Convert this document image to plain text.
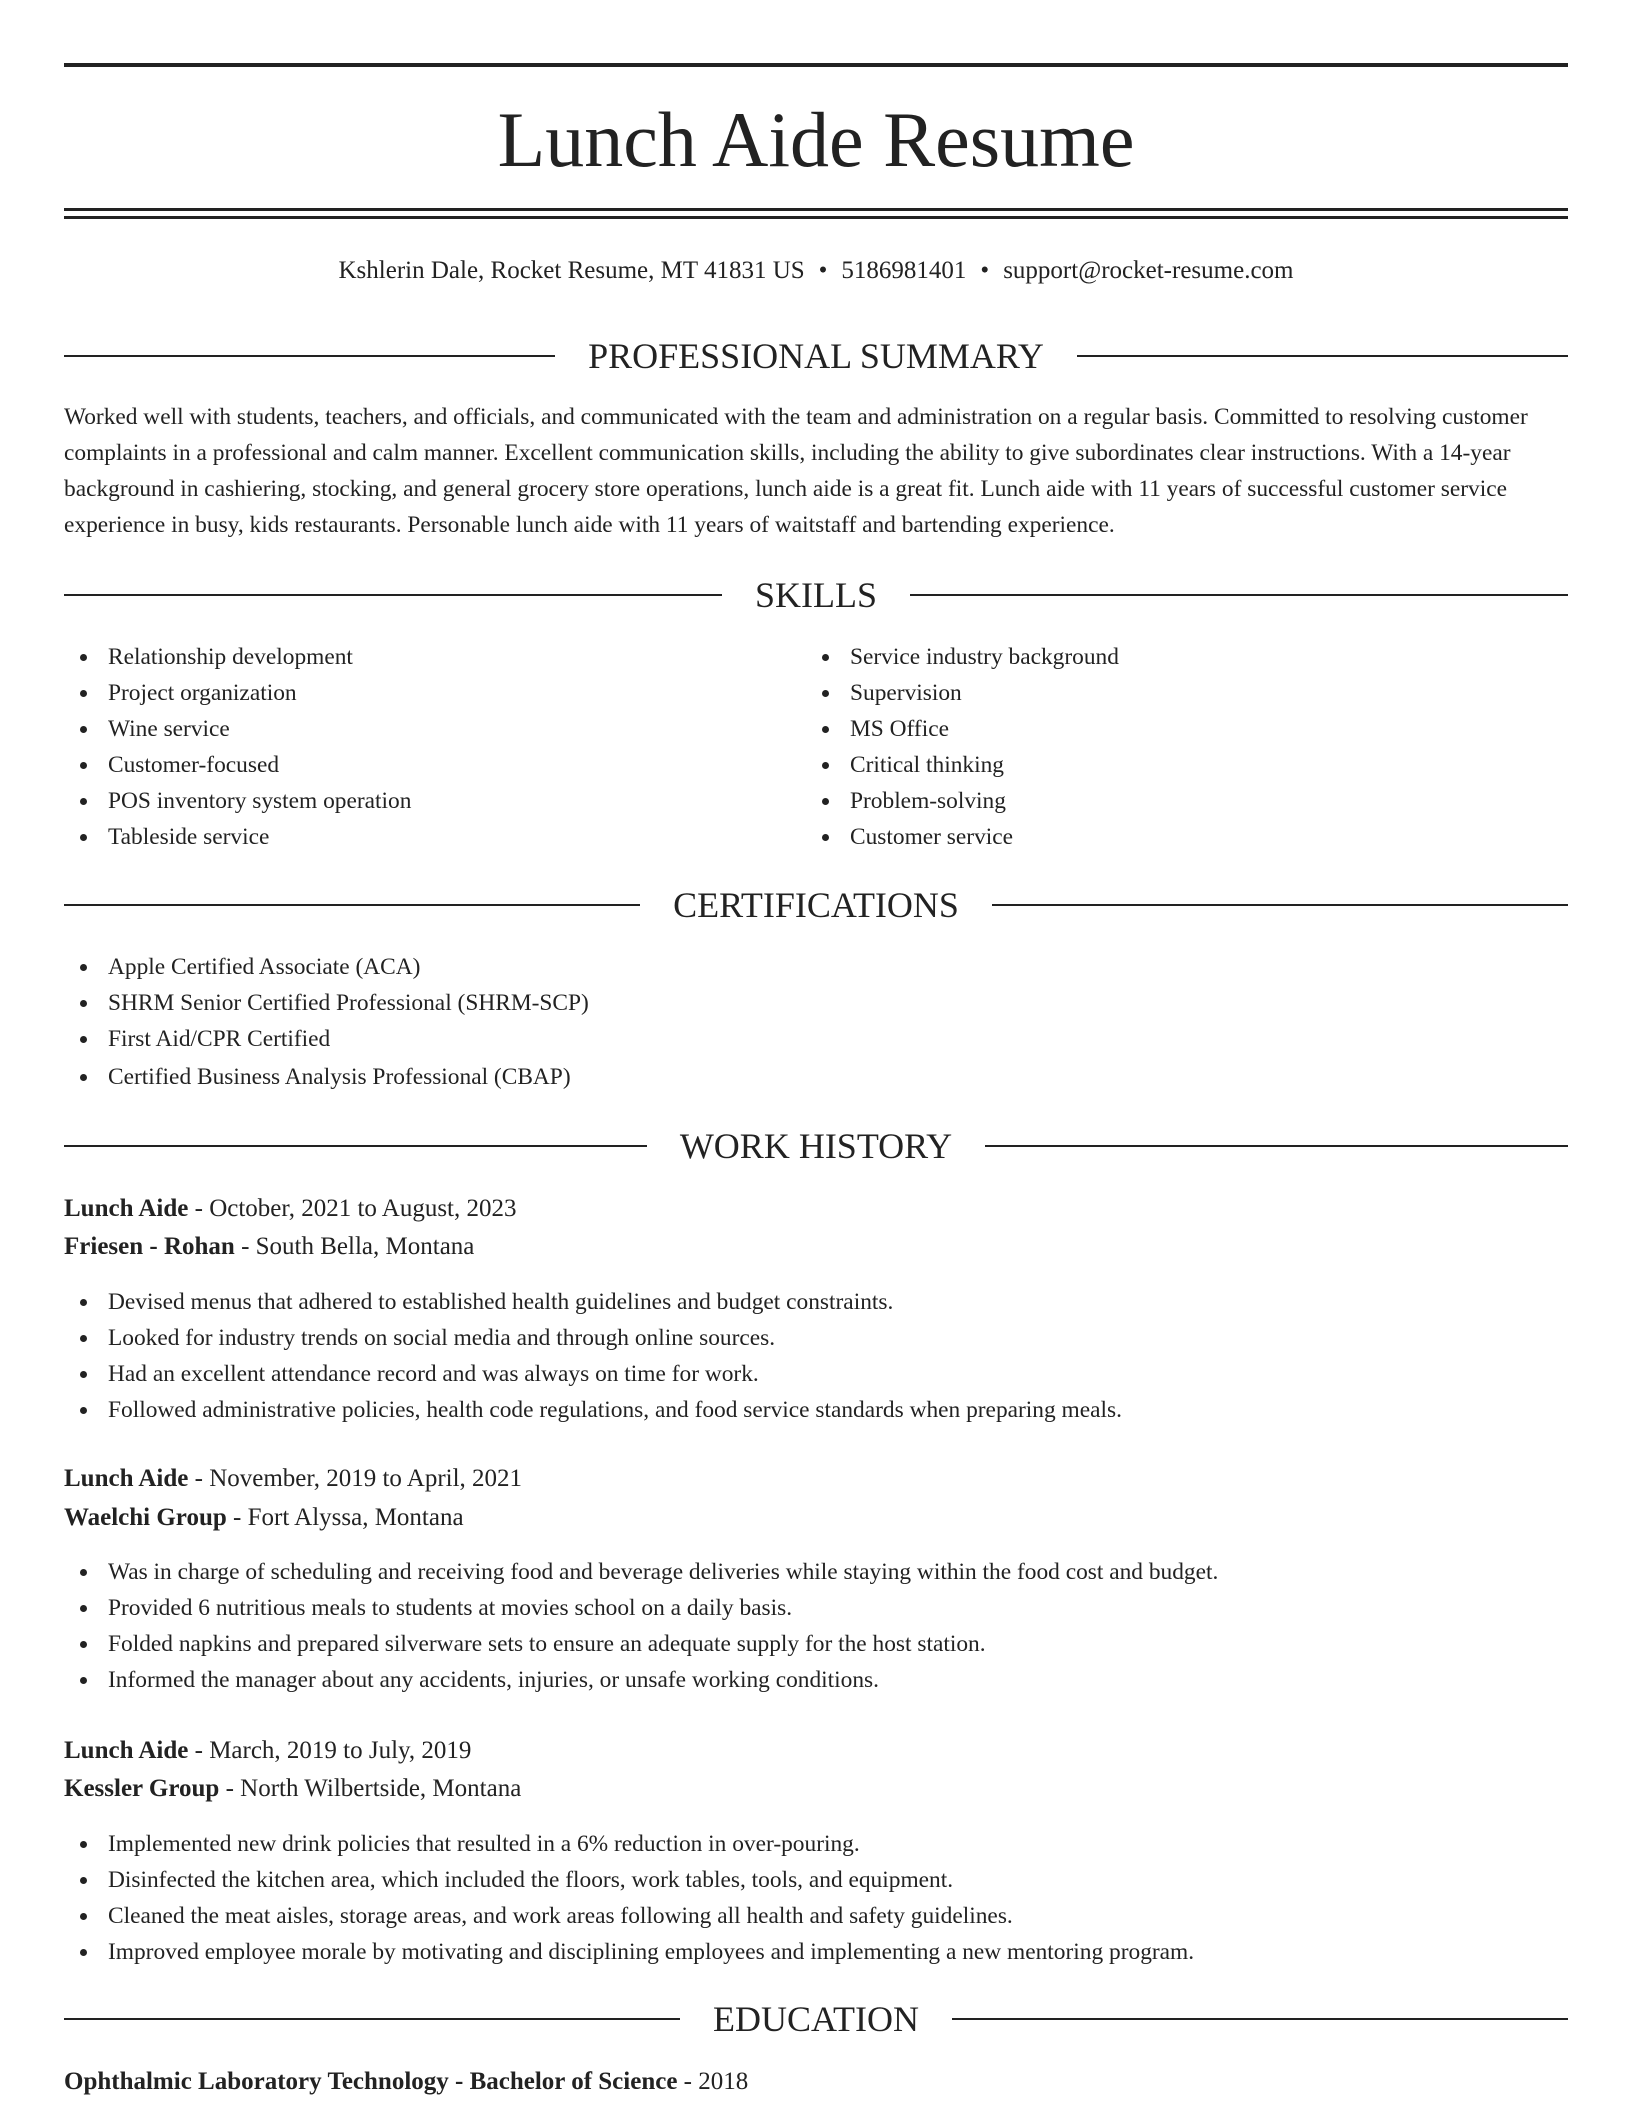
Lunch Aide Resume
Kshlerin Dale, Rocket Resume, MT 41831 US • 5186981401 • support@rocket-resume.com
PROFESSIONAL SUMMARY

Worked well with students, teachers, and officials, and communicated with the team and administration on a regular basis. Committed to resolving customer complaints in a professional and calm manner. Excellent communication skills, including the ability to give subordinates clear instructions. With a 14-year background in cashiering, stocking, and general grocery store operations, lunch aide is a great fit. Lunch aide with 11 years of successful customer service experience in busy, kids restaurants. Personable lunch aide with 11 years of waitstaff and bartending experience.

SKILLS
Relationship development
Project organization
Wine service
Customer-focused
POS inventory system operation
Tableside service
Service industry background
Supervision
MS Office
Critical thinking
Problem-solving
Customer service
CERTIFICATIONS
Apple Certified Associate (ACA)
SHRM Senior Certified Professional (SHRM-SCP)
First Aid/CPR Certified
Certified Business Analysis Professional (CBAP)
WORK HISTORY
Lunch Aide - October, 2021 to August, 2023
Friesen - Rohan - South Bella, Montana
Devised menus that adhered to established health guidelines and budget constraints.
Looked for industry trends on social media and through online sources.
Had an excellent attendance record and was always on time for work.
Followed administrative policies, health code regulations, and food service standards when preparing meals.
Lunch Aide - November, 2019 to April, 2021
Waelchi Group - Fort Alyssa, Montana
Was in charge of scheduling and receiving food and beverage deliveries while staying within the food cost and budget.
Provided 6 nutritious meals to students at movies school on a daily basis.
Folded napkins and prepared silverware sets to ensure an adequate supply for the host station.
Informed the manager about any accidents, injuries, or unsafe working conditions.
Lunch Aide - March, 2019 to July, 2019
Kessler Group - North Wilbertside, Montana
Implemented new drink policies that resulted in a 6% reduction in over-pouring.
Disinfected the kitchen area, which included the floors, work tables, tools, and equipment.
Cleaned the meat aisles, storage areas, and work areas following all health and safety guidelines.
Improved employee morale by motivating and disciplining employees and implementing a new mentoring program.
EDUCATION
Ophthalmic Laboratory Technology - Bachelor of Science - 2018
